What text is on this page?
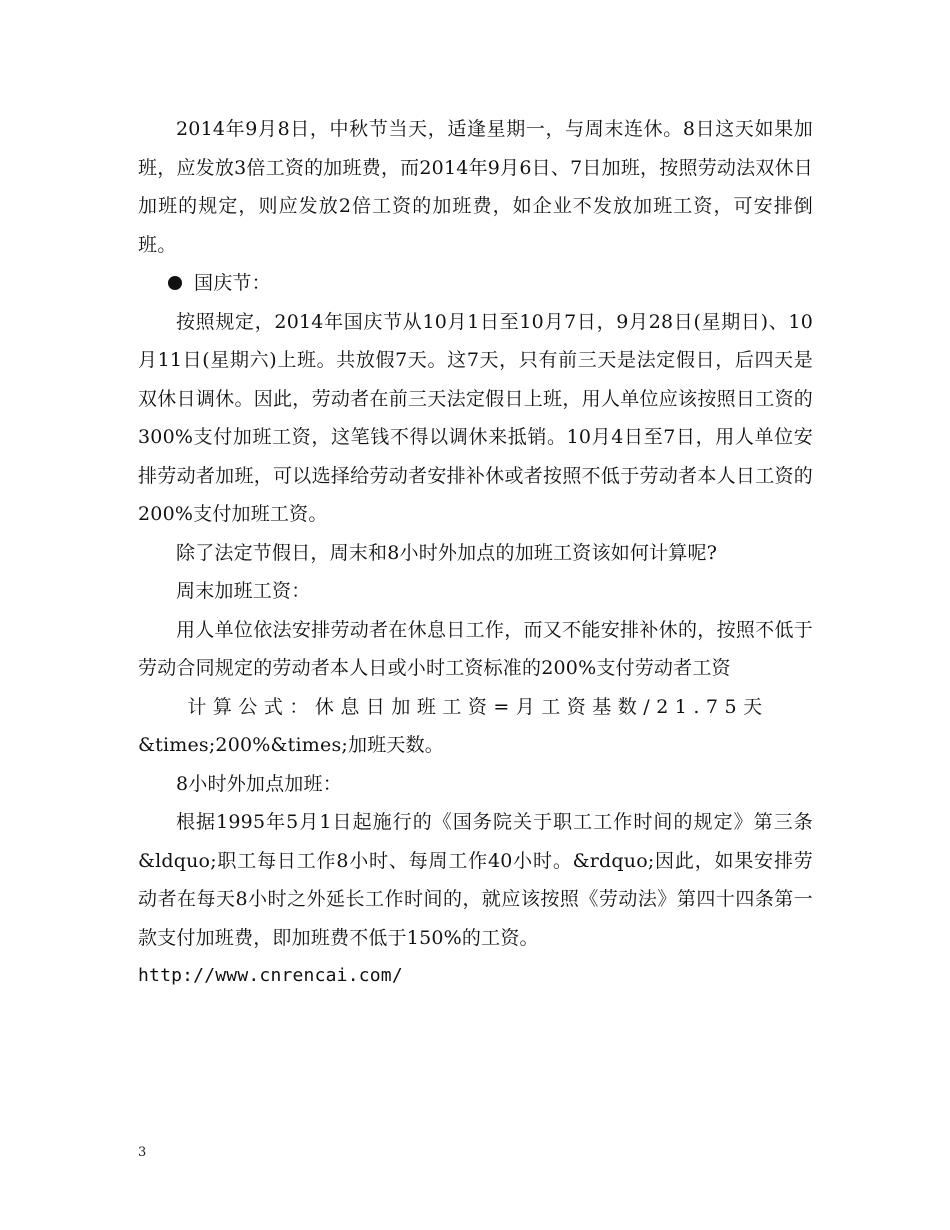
2014年9月8日，中秋节当天，适逢星期一，与周末连休。8日这天如果加班，应发放3倍工资的加班费，而2014年9月6日、7日加班，按照劳动法双休日加班的规定，则应发放2倍工资的加班费，如企业不发放加班工资，可安排倒班。

国庆节：

按照规定，2014年国庆节从10月1日至10月7日，9月28日(星期日)、10月11日(星期六)上班。共放假7天。这7天，只有前三天是法定假日，后四天是双休日调休。因此，劳动者在前三天法定假日上班，用人单位应该按照日工资的300%支付加班工资，这笔钱不得以调休来抵销。10月4日至7日，用人单位安排劳动者加班，可以选择给劳动者安排补休或者按照不低于劳动者本人日工资的200%支付加班工资。

除了法定节假日，周末和8小时外加点的加班工资该如何计算呢?

周末加班工资：

用人单位依法安排劳动者在休息日工作，而又不能安排补休的，按照不低于劳动合同规定的劳动者本人日或小时工资标准的200%支付劳动者工资

计算公式：休息日加班工资=月工资基数/21.75天

&times;200%&times;加班天数。

8小时外加点加班：

根据1995年5月1日起施行的《国务院关于职工工作时间的规定》第三条&ldquo;职工每日工作8小时、每周工作40小时。&rdquo;因此，如果安排劳动者在每天8小时之外延长工作时间的，就应该按照《劳动法》第四十四条第一款支付加班费，即加班费不低于150%的工资。

http://www.cnrencai.com/

3
